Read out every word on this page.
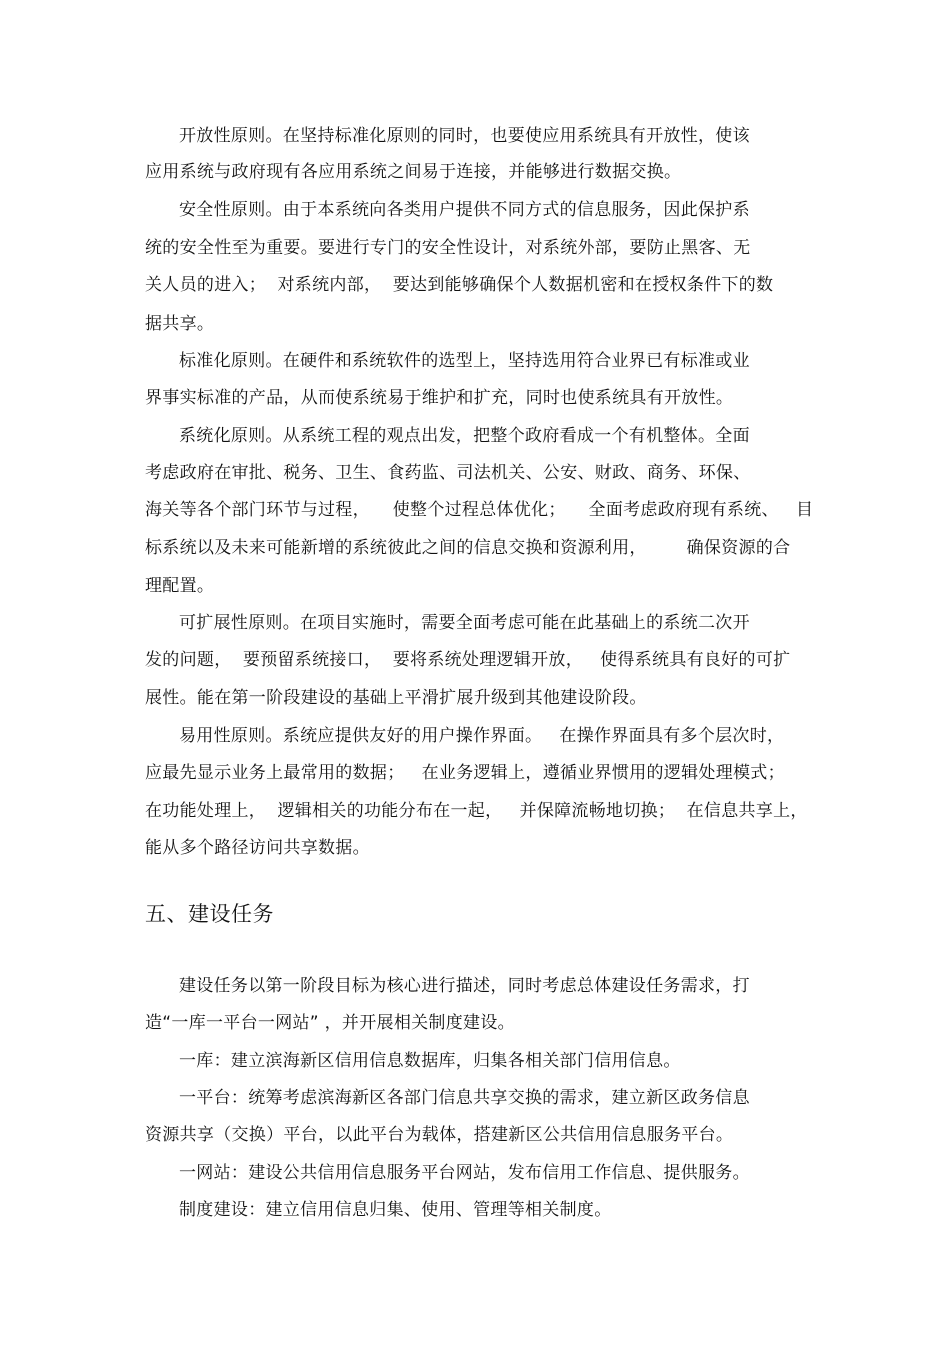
开放性原则。在坚持标准化原则的同时，也要使应用系统具有开放性，使该
应用系统与政府现有各应用系统之间易于连接，并能够进行数据交换。
安全性原则。由于本系统向各类用户提供不同方式的信息服务，因此保护系
统的安全性至为重要。要进行专门的安全性设计，对系统外部，要防止黑客、无
关人员的进入；  对系统内部，  要达到能够确保个人数据机密和在授权条件下的数
据共享。
标准化原则。在硬件和系统软件的选型上，坚持选用符合业界已有标准或业
界事实标准的产品，从而使系统易于维护和扩充，同时也使系统具有开放性。
系统化原则。从系统工程的观点出发，把整个政府看成一个有机整体。全面
考虑政府在审批、税务、卫生、食药监、司法机关、公安、财政、商务、环保、
海关等各个部门环节与过程，    使整个过程总体优化；    全面考虑政府现有系统、   目
标系统以及未来可能新增的系统彼此之间的信息交换和资源利用，       确保资源的合
理配置。
可扩展性原则。在项目实施时，需要全面考虑可能在此基础上的系统二次开
发的问题，  要预留系统接口，  要将系统处理逻辑开放，   使得系统具有良好的可扩
展性。能在第一阶段建设的基础上平滑扩展升级到其他建设阶段。
易用性原则。系统应提供友好的用户操作界面。   在操作界面具有多个层次时，
应最先显示业务上最常用的数据；   在业务逻辑上，遵循业界惯用的逻辑处理模式；
在功能处理上，  逻辑相关的功能分布在一起，   并保障流畅地切换；  在信息共享上，
能从多个路径访问共享数据。
五、建设任务
建设任务以第一阶段目标为核心进行描述，同时考虑总体建设任务需求，打
造“一库一平台一网站” ，并开展相关制度建设。
一库：建立滨海新区信用信息数据库，归集各相关部门信用信息。
一平台：统筹考虑滨海新区各部门信息共享交换的需求，建立新区政务信息
资源共享（交换）平台，以此平台为载体，搭建新区公共信用信息服务平台。
一网站：建设公共信用信息服务平台网站，发布信用工作信息、提供服务。
制度建设：建立信用信息归集、使用、管理等相关制度。
